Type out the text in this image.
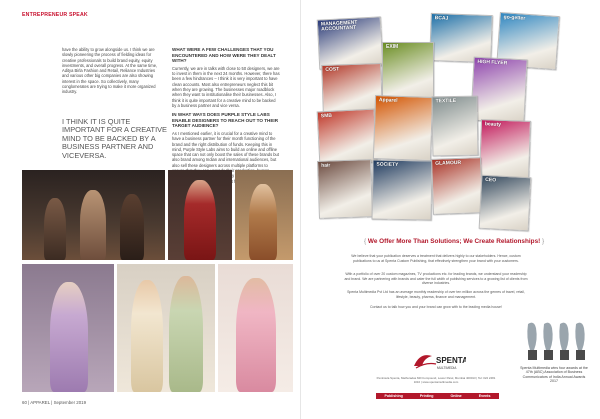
ENTREPRENEUR SPEAK
have the ability to grow alongside us. I think we are slowly pioneering the process of fielding ideas for creative professionals to build brand equity, equity investments, and overall progress. At the same time, Aditya Birla Fashion and Retail, Reliance Industries and various other big companies are also showing interest in the space. So collectively, many conglomerates are trying to make it more organized industry.
I THINK IT IS QUITE IMPORTANT FOR A CREATIVE MIND TO BE BACKED BY A BUSINESS PARTNER AND VICEVERSA.
WHAT WERE A FEW CHALLENGES THAT YOU ENCOUNTERED AND HOW WERE THEY DEALT WITH?

Currently, we are in talks with close to 50 designers, we are to invest in them in the next 24 months. However, there has been a few hindrances – I think it is very important to have clean accounts. Most also entrepreneurs neglect this bit when they are growing. The businesses major roadblock when they want to institutionalise their businesses. Also, I think it is quite important for a creative mind to be backed by a business partner and vice versa.

IN WHAT WAYS DOES PURPLE STYLE LABS ENABLE DESIGNERS TO REACH OUT TO THEIR TARGET AUDIENCE?

As I mentioned earlier, it is crucial for a creative mind to have a business partner for their month functioning of the brand and the right distribution of funds. Keeping this in mind, Purple Style Labs aims to build an online and offline space that can not only boost the sales of these brands but also brand among Indian and international audiences, but also sell these designers across multiple platforms to

60 | APPAREL | September 2019
MANAGEMENT ACCOUNTANT
BCAJ	go-getter
COST
EXIM
HIGH FLYER
SMB
Apparel	TEXTILE
beauty
hair	SOCIETY	GLAMOUR
CEO
{ We Offer More Than Solutions; We Create Relationships! }
We believe that your publication deserves a treatment that delivers highly to our stakeholders. Hence, custom publications to us at Spenta Custom Publishing, that effectively strengthen your brand with your customers.
With a portfolio of over 20 custom magazines, TV productions etc. for leading brands, we understand your readership and brand. We are partnering with brands and cater the full width of publishing services to a growing list of clients from diverse industries.
Spenta Multimedia Pvt Ltd has an average monthly readership of over ten million across the genres of travel, retail, lifestyle, beauty, pharma, finance and management.
Contact us to talk how you and your brand can grow with to the leading media house!
SPENTA
MULTIMEDIA
Peninsula Spenta, Mathuradas Mill Compound, Lower Parel, Mumbai 400013 | Tel: 022 2481 1010 | www.spentamultimedia.com
Publishing	Printing	Online	Events
Spenta Multimedia wins four awards at the 47th (ABC) Association of Business Communicators of India Annual Awards 2017
